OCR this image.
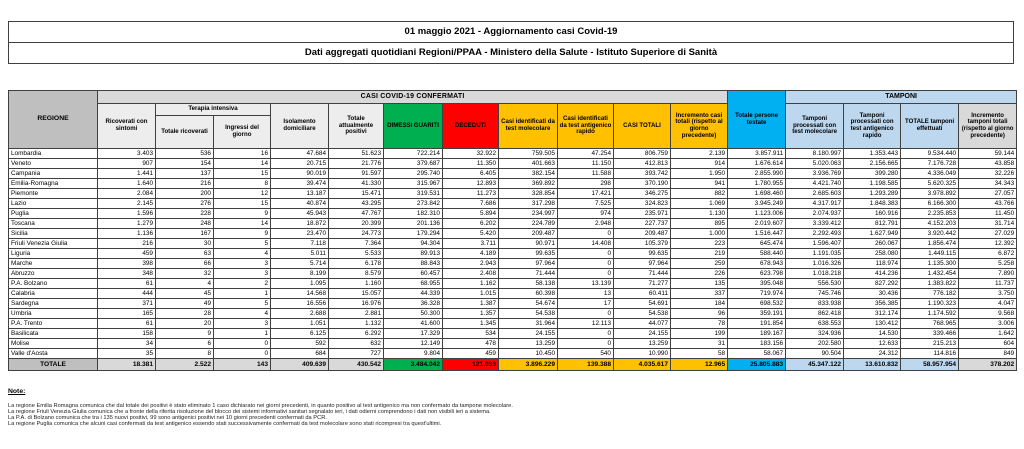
01 maggio 2021 - Aggiornamento casi Covid-19
Dati aggregati quotidiani Regioni/PPAA - Ministero della Salute - Istituto Superiore di Sanità
REGIONE	CASI COVID-19 CONFERMATI											Totale persone testate	TAMPONI			
	Ricoverati con sintomi	Terapia intensiva		Isolamento domiciliare	Totale attualmente positivi	DIMESSI GUARITI	DECEDUTI	Casi identificati da test molecolare	Casi identificati da test antigenico rapido	CASI TOTALI	Incremento casi totali (rispetto al giorno precedente)		Tamponi processati con test molecolare	Tamponi processati con test antigenico rapido	TOTALE tamponi effettuati	Incremento tamponi totali (rispetto al giorno precedente)
		Totale ricoverati	Ingressi del giorno													
Lombardia	3.403	536	16	47.684	51.623	722.214	32.922	759.505	47.254	806.759	2.139	3.857.911	8.180.997	1.353.443	9.534.440	59.144
Veneto	907	154	14	20.715	21.776	379.687	11.350	401.663	11.150	412.813	914	1.676.614	5.020.063	2.156.665	7.176.728	43.858
Campania	1.441	137	15	90.019	91.597	295.740	6.405	382.154	11.588	393.742	1.950	2.855.990	3.936.769	399.280	4.336.049	32.226
Emilia-Romagna	1.640	216	8	39.474	41.330	315.967	12.893	369.892	298	370.190	941	1.780.955	4.421.740	1.198.585	5.620.325	34.343
Piemonte	2.084	200	12	13.187	15.471	319.531	11.273	328.854	17.421	346.275	882	1.698.460	2.685.603	1.293.289	3.978.892	27.057
Lazio	2.145	276	15	40.874	43.295	273.842	7.686	317.298	7.525	324.823	1.069	3.945.249	4.317.917	1.848.383	6.166.300	43.766
Puglia	1.596	228	9	45.943	47.767	182.310	5.894	234.997	974	235.971	1.130	1.123.006	2.074.937	160.916	2.235.853	11.450
Toscana	1.279	248	14	18.872	20.399	201.136	6.202	224.789	2.948	227.737	895	2.019.607	3.339.412	812.791	4.152.203	31.714
Sicilia	1.136	167	9	23.470	24.773	179.294	5.420	209.487	0	209.487	1.000	1.516.447	2.292.493	1.627.949	3.920.442	27.029
Friuli Venezia Giulia	216	30	5	7.118	7.364	94.304	3.711	90.971	14.408	105.379	223	645.474	1.596.407	260.067	1.856.474	12.392
Liguria	459	63	4	5.011	5.533	89.913	4.189	99.635	0	99.635	219	588.440	1.191.035	258.080	1.449.115	6.872
Marche	398	66	3	5.714	6.178	88.843	2.943	97.964	0	97.964	259	678.943	1.016.326	118.974	1.135.300	5.258
Abruzzo	348	32	3	8.199	8.579	60.457	2.408	71.444	0	71.444	226	623.798	1.018.218	414.236	1.432.454	7.890
P.A. Bolzano	61	4	2	1.095	1.160	68.955	1.162	58.138	13.139	71.277	135	395.048	556.530	827.292	1.383.822	11.737
Calabria	444	45	1	14.568	15.057	44.339	1.015	60.398	13	60.411	337	719.974	745.746	30.436	776.182	3.750
Sardegna	371	49	5	16.556	16.976	36.328	1.387	54.674	17	54.691	184	698.532	833.938	356.385	1.190.323	4.047
Umbria	165	28	4	2.688	2.881	50.300	1.357	54.538	0	54.538	96	359.191	862.418	312.174	1.174.592	9.568
P.A. Trento	61	20	3	1.051	1.132	41.600	1.345	31.964	12.113	44.077	78	191.854	638.553	130.412	768.965	3.006
Basilicata	158	9	1	6.125	6.292	17.329	534	24.155	0	24.155	199	189.167	324.936	14.530	339.466	1.642
Molise	34	6	0	592	632	12.149	478	13.259	0	13.259	31	183.156	202.580	12.633	215.213	604
Valle d'Aosta	35	8	0	684	727	9.804	459	10.450	540	10.990	58	58.067	90.504	24.312	114.816	849
TOTALE	18.381	2.522	143	409.639	430.542	3.484.042	121.033	3.896.229	139.388	4.035.617	12.965	25.805.883	45.347.122	13.610.832	58.957.954	378.202
Note:
La regione Emilia Romagna comunica che dal totale dei positivi è stato eliminato 1 caso dichiarato nei giorni precedenti, in quanto positivo al test antigenico ma non confermato da tampone molecolare.
La regione Friuli Venezia Giulia comunica che a fronte della riferita risoluzione del blocco dei sistemi informativi sanitari segnalato ieri, i dati odierni comprendono i dati non visibili ieri a sistema.
La P.A. di Bolzano comunica che tra i 135 nuovi positivi, 99 sono antigenici positivi nei 10 giorni precedenti confermati da PCR.
La regione Puglia comunica che alcuni casi confermati da test antigenico essendo stati successivamente confermati da test molecolare sono stati ricompresi tra quest'ultimi.
